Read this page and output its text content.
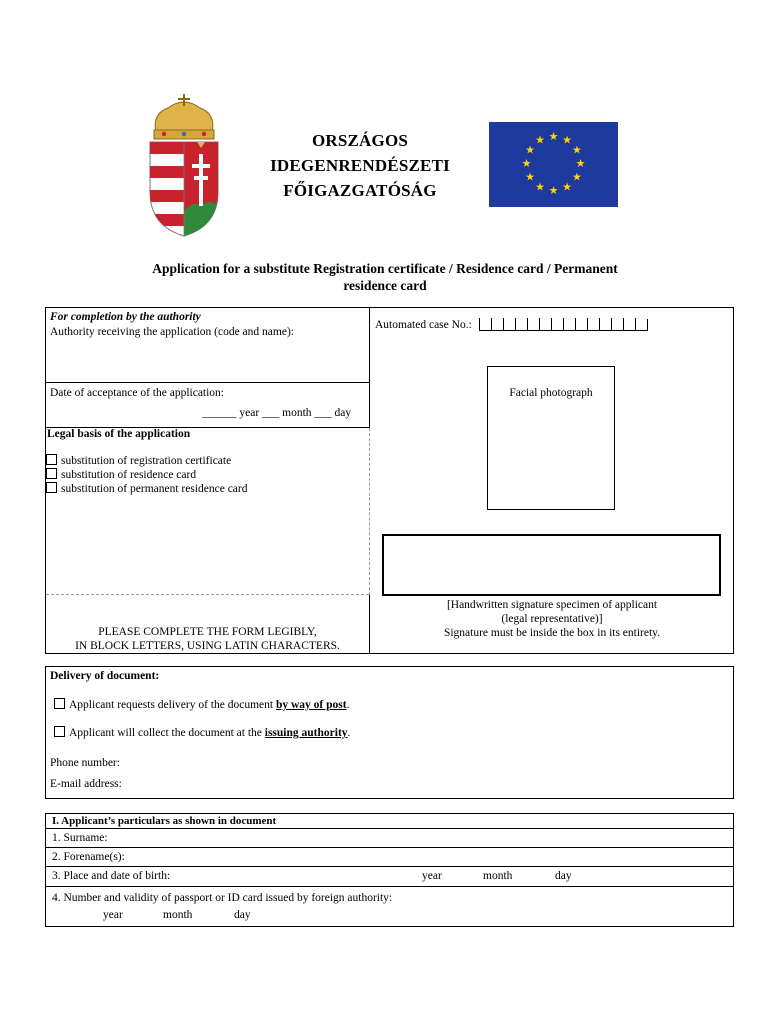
ORSZÁGOS
IDEGENRENDÉSZETI
FŐIGAZGATÓSÁG
★ ★
★
★
★
★
★
★
★
★
★
★
Application for a substitute Registration certificate / Residence card / Permanent
residence card
For completion by the authority
Authority receiving the application (code and name):
Automated case No.:
Date of acceptance of the application:
______ year ___ month ___ day
Facial photograph
Legal basis of the application
substitution of registration certificate
substitution of residence card
substitution of permanent residence card
[Handwritten signature specimen of applicant
(legal representative)]
Signature must be inside the box in its entirety.
PLEASE COMPLETE THE FORM LEGIBLY,
IN BLOCK LETTERS, USING LATIN CHARACTERS.
Delivery of document:
Applicant requests delivery of the document by way of post.
Applicant will collect the document at the issuing authority.
Phone number:
E-mail address:
I. Applicant’s particulars as shown in document
1. Surname:
2. Forename(s):
3. Place and date of birth:	year	month	day
4. Number and validity of passport or ID card issued by foreign authority:
year	month	day
